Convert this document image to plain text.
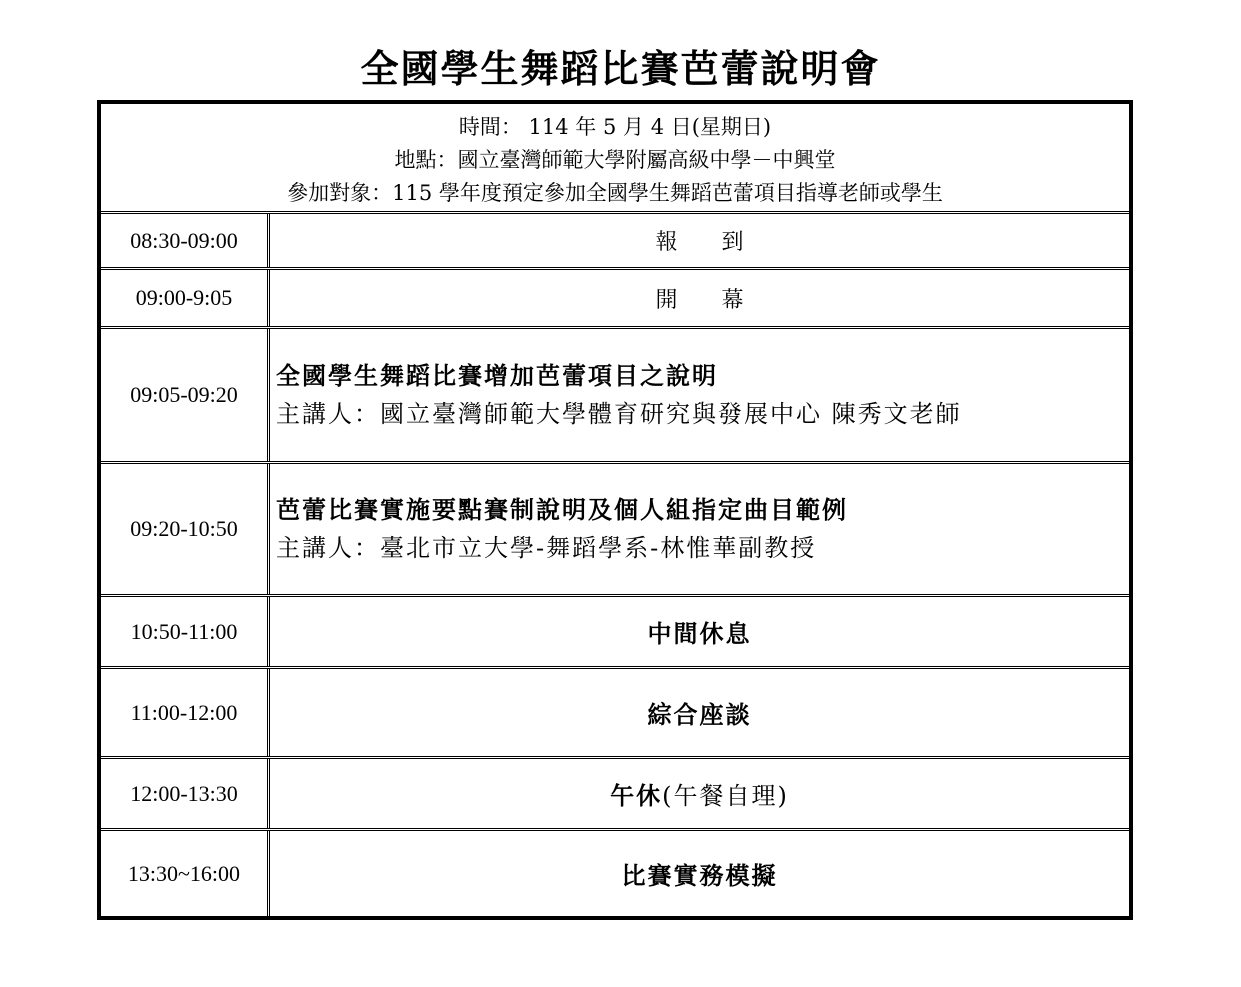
全國學生舞蹈比賽芭蕾說明會
時間： 114 年 5 月 4 日(星期日)
地點：國立臺灣師範大學附屬高級中學－中興堂
參加對象：115 學年度預定參加全國學生舞蹈芭蕾項目指導老師或學生
08:30-09:00	報到
09:00-9:05	開幕
09:05-09:20
全國學生舞蹈比賽增加芭蕾項目之說明
主講人：國立臺灣師範大學體育研究與發展中心 陳秀文老師
09:20-10:50
芭蕾比賽實施要點賽制說明及個人組指定曲目範例
主講人：臺北市立大學-舞蹈學系-林惟華副教授
10:50-11:00	中間休息
11:00-12:00	綜合座談
12:00-13:30	午休 (午餐自理)
13:30~16:00	比賽實務模擬
